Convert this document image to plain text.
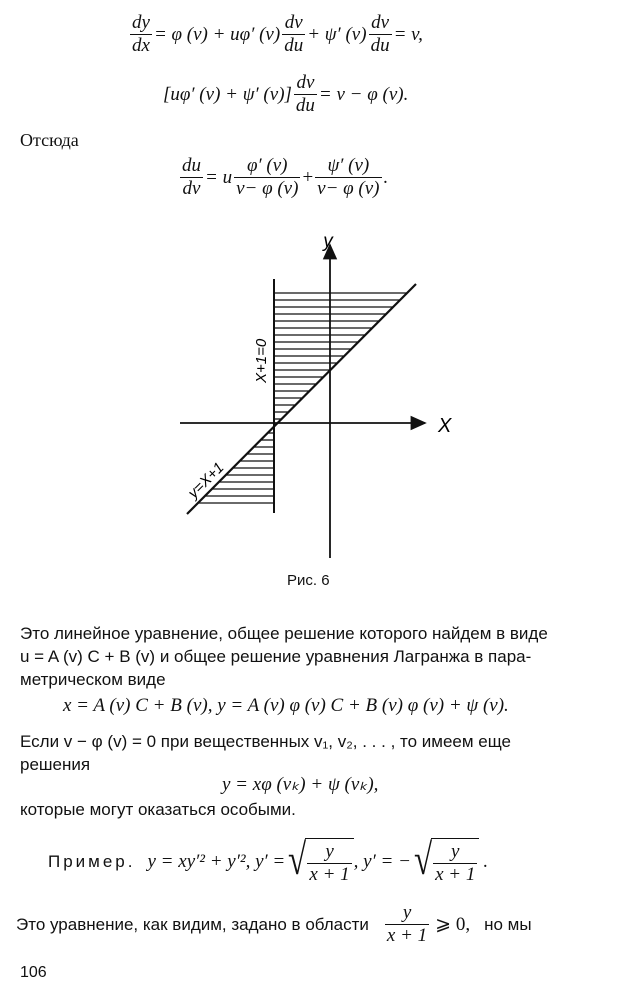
$\frac{dy}{dx} = \varphi$ (v) + uφ′ $(v) \frac{dv}{du} + \psi'$ $(v) \frac{dv}{du} = v$,
[uφ′ (v) + ψ′ $(v)] \frac{dv}{du} = v - \varphi$ (v).
Отсюда
$\frac{du}{dv} = u \frac{\varphi' (v)}{v- \varphi (v)} + \frac{\psi' (v)}{v- \varphi (v)}$ .
y
X
X+1=0
y=X+1
Рис. 6
Это линейное уравнение, общее решение которого найдем в виде
u = A (v) C + B (v) и общее решение уравнения Лагранжа в пара-
метрическом виде
x = A (v) C + B (v), y = A (v) φ (v) C + B (v) φ (v) + ψ (v).
Если v − φ (v) = 0 при вещественных v₁, v₂, . . . , то имеем еще
решения
y = xφ (vₖ) + ψ (vₖ),
которые могут оказаться особыми.
Пример. y = xy′² + y′², y′ = √ $\frac{y}{x + 1}$ , y′ = − √ $\frac{y}{x + 1}$ .
Это уравнение, как видим, задано в области $\frac{y}{x + 1}$ ⩾ 0, но мы
106
